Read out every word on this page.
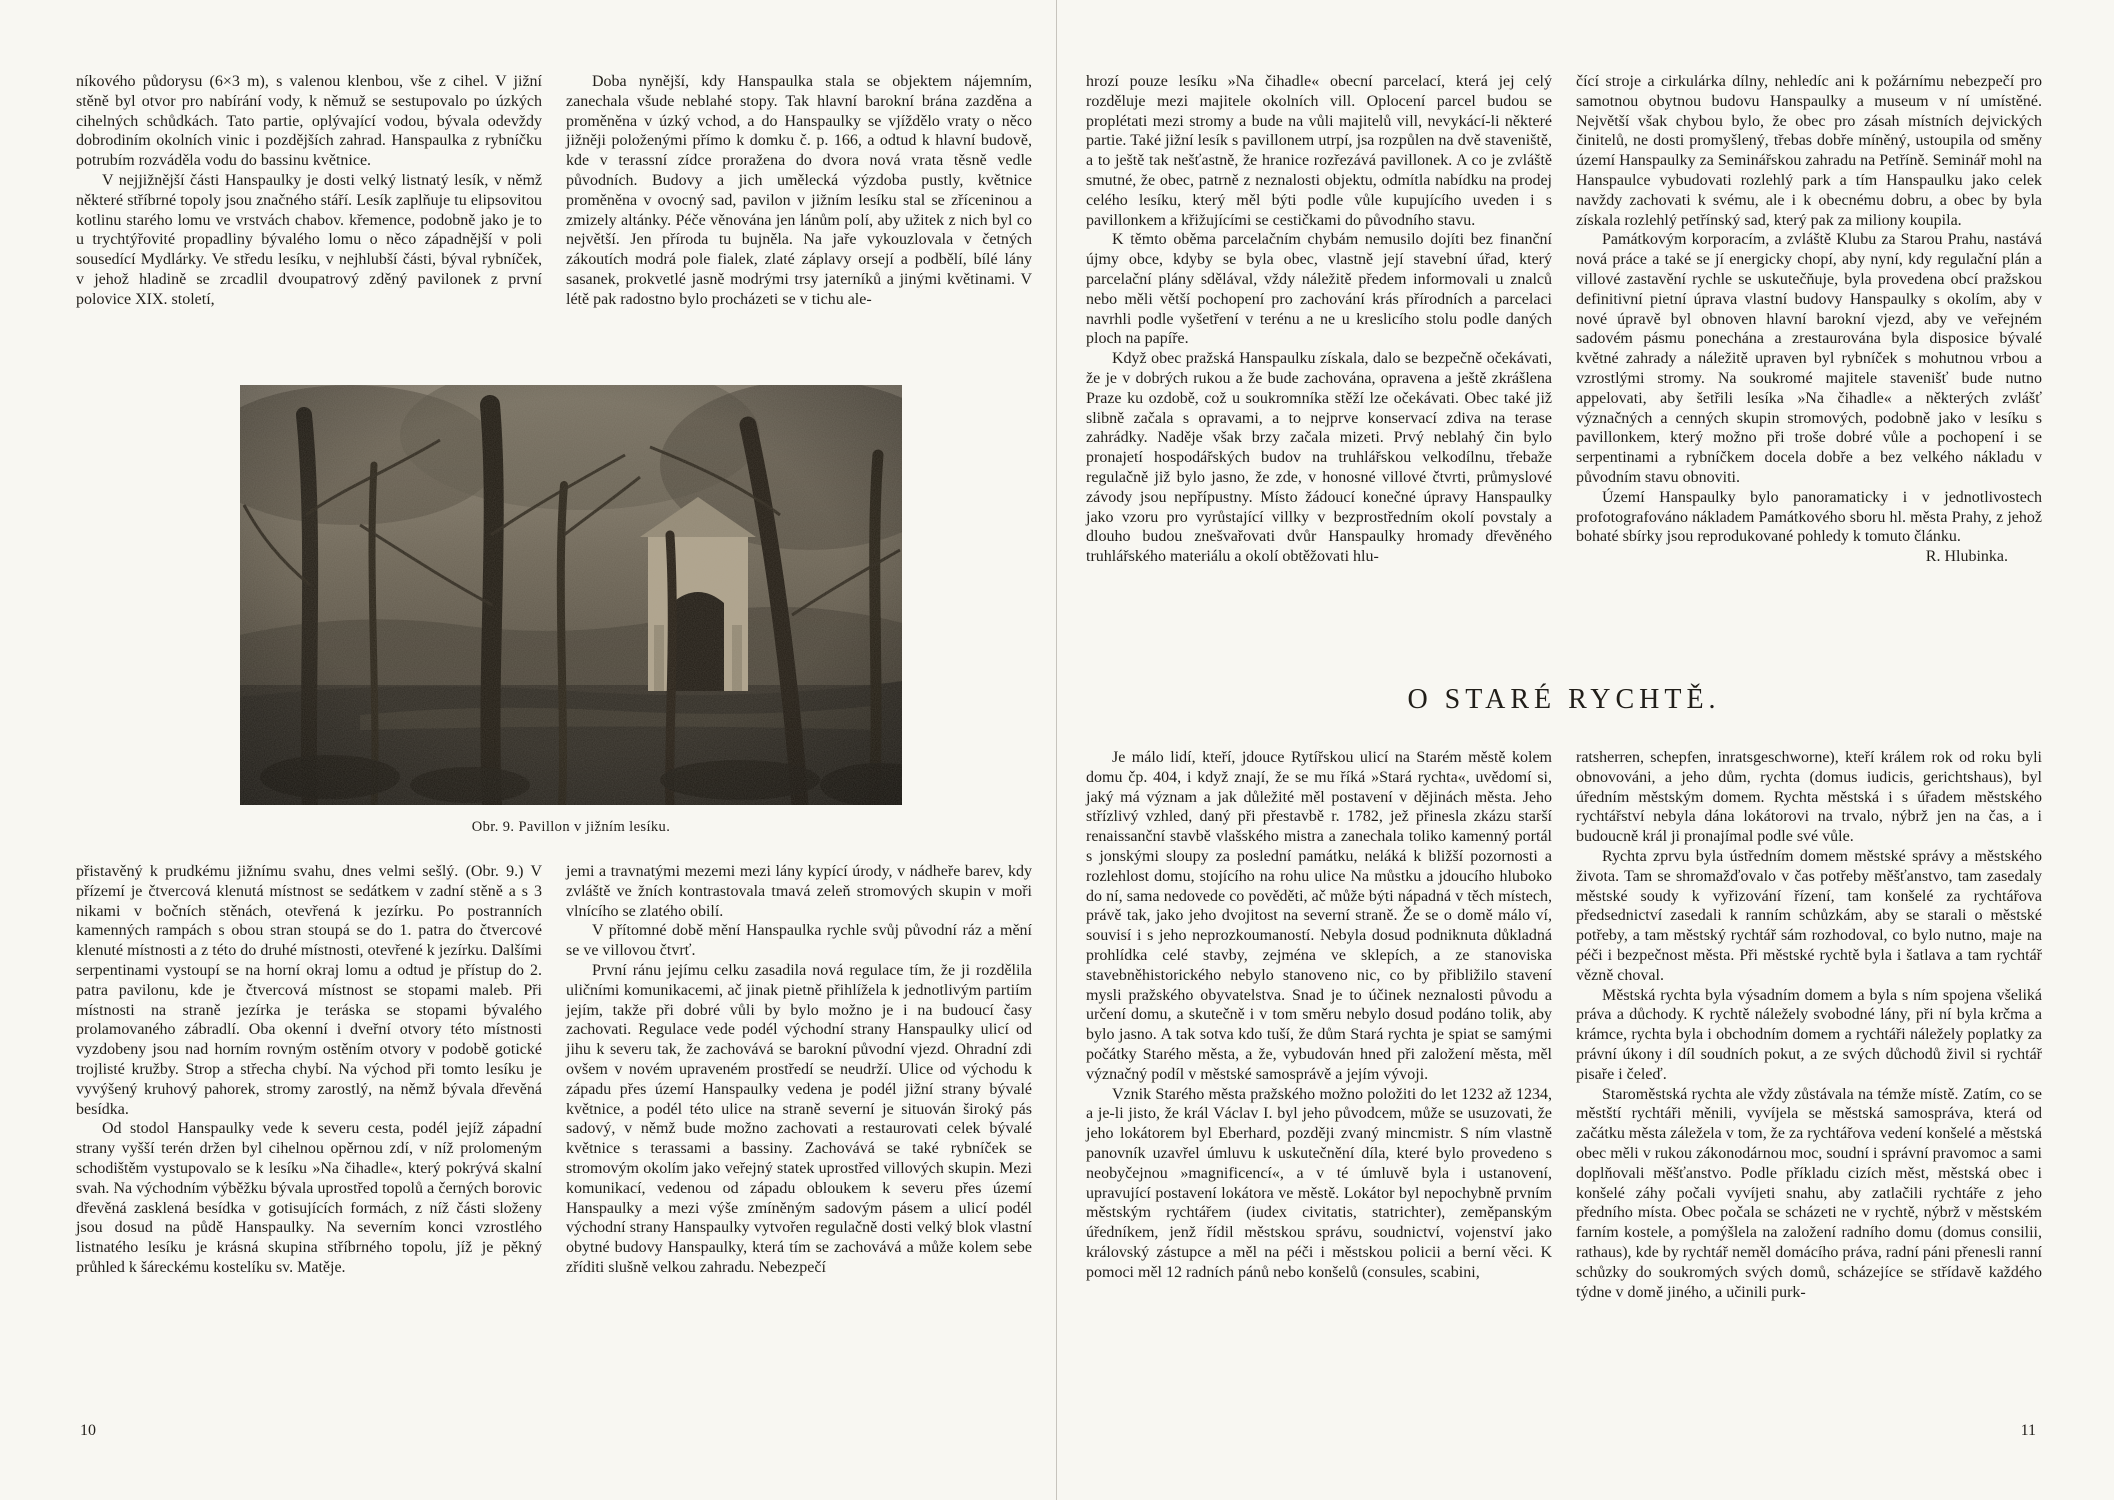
níkového půdorysu (6×3 m), s valenou klenbou, vše z cihel. V jižní stěně byl otvor pro nabírání vody, k němuž se sestupovalo po úzkých cihelných schůdkách. Tato partie, oplývající vodou, bývala odevždy dobrodiním okolních vinic i pozdějších zahrad. Hanspaulka z rybníčku potrubím rozváděla vodu do bassinu květnice.

V nejjižnější části Hanspaulky je dosti velký listnatý lesík, v němž některé stříbrné topoly jsou značného stáří. Lesík zaplňuje tu elipsovitou kotlinu starého lomu ve vrstvách chabov. křemence, podobně jako je to u trychtýřovité propadliny bývalého lomu o něco západnější v poli sousedící Mydlárky. Ve středu lesíku, v nejhlubší části, býval rybníček, v jehož hladině se zrcadlil dvoupatrový zděný pavilonek z první polovice XIX. století,

Doba nynější, kdy Hanspaulka stala se objektem nájemním, zanechala všude neblahé stopy. Tak hlavní barokní brána zazděna a proměněna v úzký vchod, a do Hanspaulky se vjíždělo vraty o něco jižněji položenými přímo k domku č. p. 166, a odtud k hlavní budově, kde v terassní zídce proražena do dvora nová vrata těsně vedle původních. Budovy a jich umělecká výzdoba pustly, květnice proměněna v ovocný sad, pavilon v jižním lesíku stal se zříceninou a zmizely altánky. Péče věnována jen lánům polí, aby užitek z nich byl co největší. Jen příroda tu bujněla. Na jaře vykouzlovala v četných zákoutích modrá pole fialek, zlaté záplavy orsejí a podbělí, bílé lány sasanek, prokvetlé jasně modrými trsy jaterníků a jinými květinami. V létě pak radostno bylo procházeti se v tichu ale-

Obr. 9. Pavillon v jižním lesíku.

přistavěný k prudkému jižnímu svahu, dnes velmi sešlý. (Obr. 9.) V přízemí je čtvercová klenutá místnost se sedátkem v zadní stěně a s 3 nikami v bočních stěnách, otevřená k jezírku. Po postranních kamenných rampách s obou stran stoupá se do 1. patra do čtvercové klenuté místnosti a z této do druhé místnosti, otevřené k jezírku. Dalšími serpentinami vystoupí se na horní okraj lomu a odtud je přístup do 2. patra pavilonu, kde je čtvercová místnost se stopami maleb. Při místnosti na straně jezírka je teráska se stopami bývalého prolamovaného zábradlí. Oba okenní i dveřní otvory této místnosti vyzdobeny jsou nad horním rovným ostěním otvory v podobě gotické trojlisté kružby. Strop a střecha chybí. Na východ při tomto lesíku je vyvýšený kruhový pahorek, stromy zarostlý, na němž bývala dřevěná besídka.

Od stodol Hanspaulky vede k severu cesta, podél jejíž západní strany vyšší terén držen byl cihelnou opěrnou zdí, v níž prolomeným schodištěm vystupovalo se k lesíku »Na čihadle«, který pokrývá skalní svah. Na východním výběžku bývala uprostřed topolů a černých borovic dřevěná zasklená besídka v gotisujících formách, z níž části složeny jsou dosud na půdě Hanspaulky. Na severním konci vzrostlého listnatého lesíku je krásná skupina stříbrného topolu, jíž je pěkný průhled k šáreckému kostelíku sv. Matěje.

jemi a travnatými mezemi mezi lány kypící úrody, v nádheře barev, kdy zvláště ve žních kontrastovala tmavá zeleň stromových skupin v moři vlnícího se zlatého obilí.

V přítomné době mění Hanspaulka rychle svůj původní ráz a mění se ve villovou čtvrť.

První ránu jejímu celku zasadila nová regulace tím, že ji rozdělila uličními komunikacemi, ač jinak pietně přihlížela k jednotlivým partiím jejím, takže při dobré vůli by bylo možno je i na budoucí časy zachovati. Regulace vede podél východní strany Hanspaulky ulicí od jihu k severu tak, že zachovává se barokní původní vjezd. Ohradní zdi ovšem v novém upraveném prostředí se neudrží. Ulice od východu k západu přes území Hanspaulky vedena je podél jižní strany bývalé květnice, a podél této ulice na straně severní je situován široký pás sadový, v němž bude možno zachovati a restaurovati celek bývalé květnice s terassami a bassiny. Zachovává se také rybníček se stromovým okolím jako veřejný statek uprostřed villových skupin. Mezi komunikací, vedenou od západu obloukem k severu přes území Hanspaulky a mezi výše zmíněným sadovým pásem a ulicí podél východní strany Hanspaulky vytvořen regulačně dosti velký blok vlastní obytné budovy Hanspaulky, která tím se zachovává a může kolem sebe zříditi slušně velkou zahradu. Nebezpečí

10

hrozí pouze lesíku »Na čihadle« obecní parcelací, která jej celý rozděluje mezi majitele okolních vill. Oplocení parcel budou se proplétati mezi stromy a bude na vůli majitelů vill, nevykácí-li některé partie. Také jižní lesík s pavillonem utrpí, jsa rozpůlen na dvě staveniště, a to ještě tak nešťastně, že hranice rozřezává pavillonek. A co je zvláště smutné, že obec, patrně z neznalosti objektu, odmítla nabídku na prodej celého lesíku, který měl býti podle vůle kupujícího uveden i s pavillonkem a křižujícími se cestičkami do původního stavu.

K těmto oběma parcelačním chybám nemusilo dojíti bez finanční újmy obce, kdyby se byla obec, vlastně její stavební úřad, který parcelační plány sdělával, vždy náležitě předem informovali u znalců nebo měli větší pochopení pro zachování krás přírodních a parcelaci navrhli podle vyšetření v terénu a ne u kreslicího stolu podle daných ploch na papíře.

Když obec pražská Hanspaulku získala, dalo se bezpečně očekávati, že je v dobrých rukou a že bude zachována, opravena a ještě zkrášlena Praze ku ozdobě, což u soukromníka stěží lze očekávati. Obec také již slibně začala s opravami, a to nejprve konservací zdiva na terase zahrádky. Naděje však brzy začala mizeti. Prvý neblahý čin bylo pronajetí hospodářských budov na truhlářskou velkodílnu, třebaže regulačně již bylo jasno, že zde, v honosné villové čtvrti, průmyslové závody jsou nepřípustny. Místo žádoucí konečné úpravy Hanspaulky jako vzoru pro vyrůstající villky v bezprostředním okolí povstaly a dlouho budou znešvařovati dvůr Hanspaulky hromady dřevěného truhlářského materiálu a okolí obtěžovati hlu-

čící stroje a cirkulárka dílny, nehledíc ani k požárnímu nebezpečí pro samotnou obytnou budovu Hanspaulky a museum v ní umístěné. Největší však chybou bylo, že obec pro zásah místních dejvických činitelů, ne dosti promyšlený, třebas dobře míněný, ustoupila od směny území Hanspaulky za Seminářskou zahradu na Petříně. Seminář mohl na Hanspaulce vybudovati rozlehlý park a tím Hanspaulku jako celek navždy zachovati k svému, ale i k obecnému dobru, a obec by byla získala rozlehlý petřínský sad, který pak za miliony koupila.

Památkovým korporacím, a zvláště Klubu za Starou Prahu, nastává nová práce a také se jí energicky chopí, aby nyní, kdy regulační plán a villové zastavění rychle se uskutečňuje, byla provedena obcí pražskou definitivní pietní úprava vlastní budovy Hanspaulky s okolím, aby v nové úpravě byl obnoven hlavní barokní vjezd, aby ve veřejném sadovém pásmu ponechána a zrestaurována byla disposice bývalé květné zahrady a náležitě upraven byl rybníček s mohutnou vrbou a vzrostlými stromy. Na soukromé majitele stavenišť bude nutno appelovati, aby šetřili lesíka »Na čihadle« a některých zvlášť význačných a cenných skupin stromových, podobně jako v lesíku s pavillonkem, který možno při troše dobré vůle a pochopení i se serpentinami a rybníčkem docela dobře a bez velkého nákladu v původním stavu obnoviti.

Území Hanspaulky bylo panoramaticky i v jednotlivostech profotografováno nákladem Památkového sboru hl. města Prahy, z jehož bohaté sbírky jsou reprodukované pohledy k tomuto článku.

R. Hlubinka.

O STARÉ RYCHTĚ.

Je málo lidí, kteří, jdouce Rytířskou ulicí na Starém městě kolem domu čp. 404, i když znají, že se mu říká »Stará rychta«, uvědomí si, jaký má význam a jak důležité měl postavení v dějinách města. Jeho střízlivý vzhled, daný při přestavbě r. 1782, jež přinesla zkázu starší renaissanční stavbě vlašského mistra a zanechala toliko kamenný portál s jonskými sloupy za poslední památku, neláká k bližší pozornosti a rozlehlost domu, stojícího na rohu ulice Na můstku a jdoucího hluboko do ní, sama nedovede co pověděti, ač může býti nápadná v těch místech, právě tak, jako jeho dvojitost na severní straně. Že se o domě málo ví, souvisí i s jeho neprozkoumaností. Nebyla dosud podniknuta důkladná prohlídka celé stavby, zejména ve sklepích, a ze stanoviska stavebněhistorického nebylo stanoveno nic, co by přibližilo stavení mysli pražského obyvatelstva. Snad je to účinek neznalosti původu a určení domu, a skutečně i v tom směru nebylo dosud podáno tolik, aby bylo jasno. A tak sotva kdo tuší, že dům Stará rychta je spiat se samými počátky Starého města, a že, vybudován hned při založení města, měl význačný podíl v městské samosprávě a jejím vývoji.

Vznik Starého města pražského možno položiti do let 1232 až 1234, a je-li jisto, že král Václav I. byl jeho původcem, může se usuzovati, že jeho lokátorem byl Eberhard, později zvaný mincmistr. S ním vlastně panovník uzavřel úmluvu k uskutečnění díla, které bylo provedeno s neobyčejnou »magnificencí«, a v té úmluvě byla i ustanovení, upravující postavení lokátora ve městě. Lokátor byl nepochybně prvním městským rychtářem (iudex civitatis, statrichter), zeměpanským úředníkem, jenž řídil městskou správu, soudnictví, vojenství jako královský zástupce a měl na péči i městskou policii a berní věci. K pomoci měl 12 radních pánů nebo konšelů (consules, scabini,

ratsherren, schepfen, inratsgeschworne), kteří králem rok od roku byli obnovováni, a jeho dům, rychta (domus iudicis, gerichtshaus), byl úředním městským domem. Rychta městská i s úřadem městského rychtářství nebyla dána lokátorovi na trvalo, nýbrž jen na čas, a i budoucně král ji pronajímal podle své vůle.

Rychta zprvu byla ústředním domem městské správy a městského života. Tam se shromažďovalo v čas potřeby měšťanstvo, tam zasedaly městské soudy k vyřizování řízení, tam konšelé za rychtářova předsednictví zasedali k ranním schůzkám, aby se starali o městské potřeby, a tam městský rychtář sám rozhodoval, co bylo nutno, maje na péči i bezpečnost města. Při městské rychtě byla i šatlava a tam rychtář vězně choval.

Městská rychta byla výsadním domem a byla s ním spojena všeliká práva a důchody. K rychtě náležely svobodné lány, při ní byla krčma a krámce, rychta byla i obchodním domem a rychtáři náležely poplatky za právní úkony i díl soudních pokut, a ze svých důchodů živil si rychtář pisaře i čeleď.

Staroměstská rychta ale vždy zůstávala na témže místě. Zatím, co se městští rychtáři měnili, vyvíjela se městská samospráva, která od začátku města záležela v tom, že za rychtářova vedení konšelé a městská obec měli v rukou zákonodárnou moc, soudní i správní pravomoc a sami doplňovali měšťanstvo. Podle příkladu cizích měst, městská obec i konšelé záhy počali vyvíjeti snahu, aby zatlačili rychtáře z jeho předního místa. Obec počala se scházeti ne v rychtě, nýbrž v městském farním kostele, a pomýšlela na založení radního domu (domus consilii, rathaus), kde by rychtář neměl domácího práva, radní páni přenesli ranní schůzky do soukromých svých domů, scházejíce se střídavě každého týdne v domě jiného, a učinili purk-

11
